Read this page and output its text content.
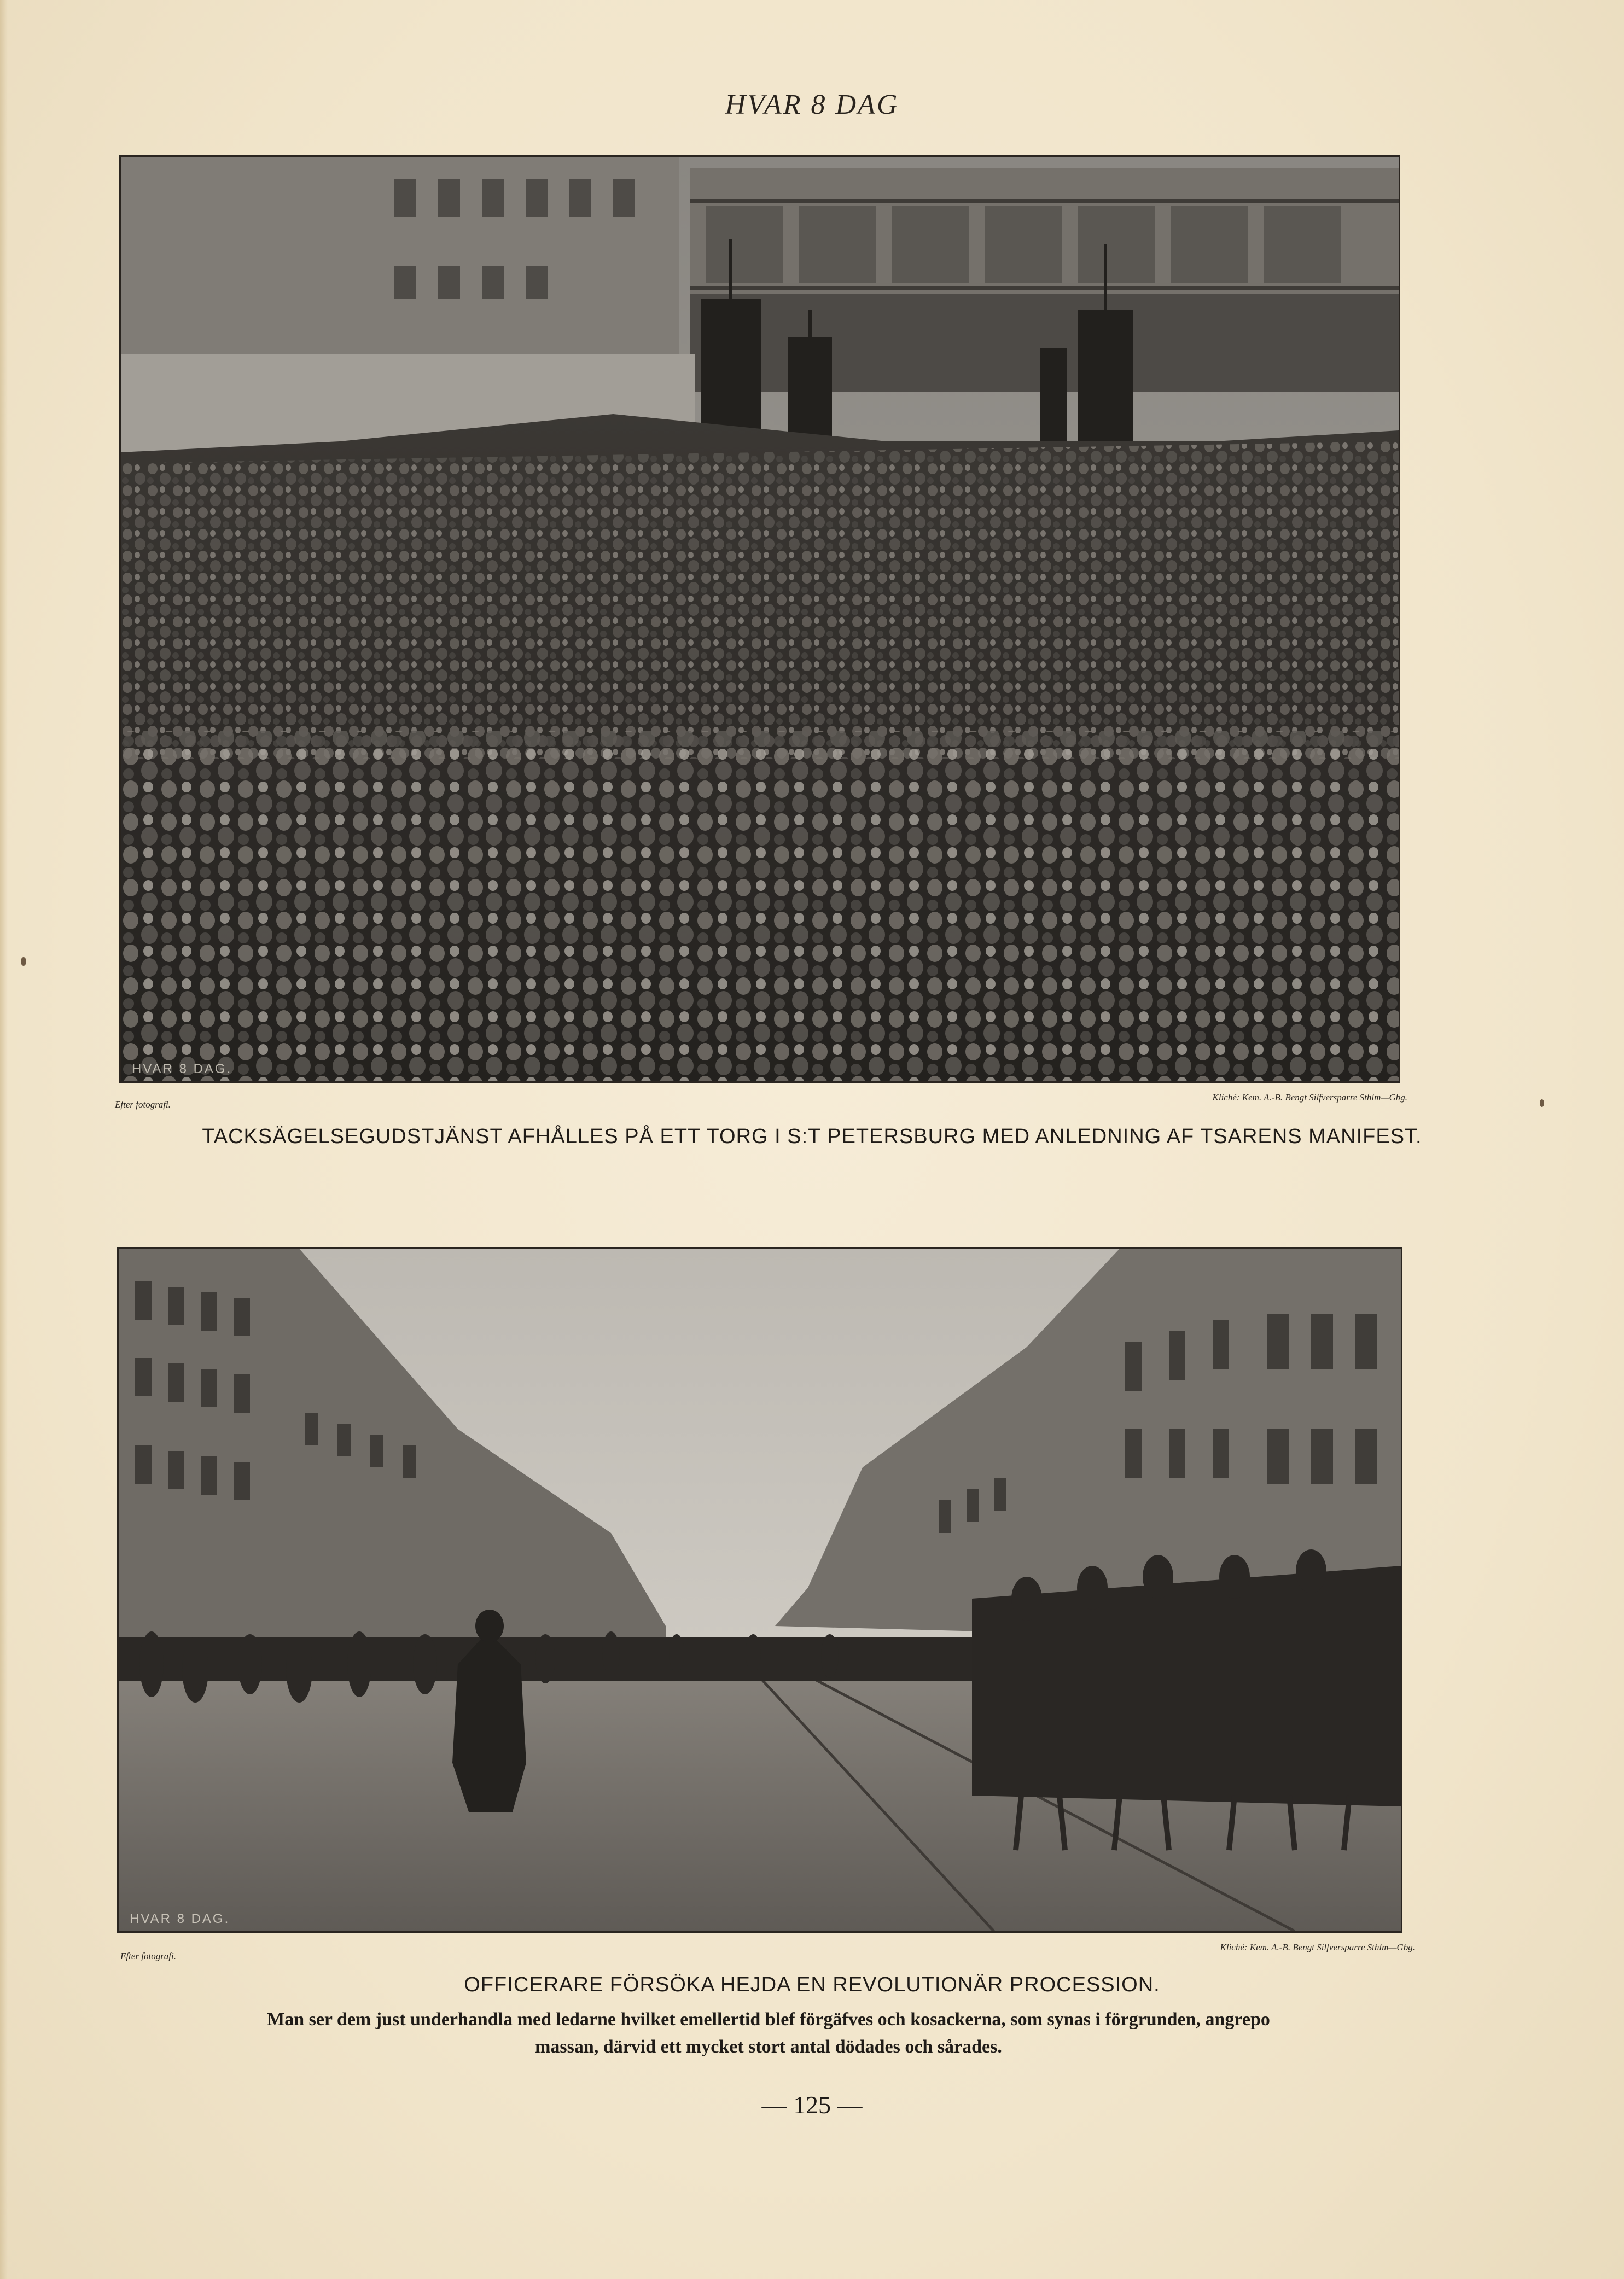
HVAR 8 DAG
HVAR 8 DAG.
Efter fotografi.
Kliché: Kem. A.-B. Bengt Silfversparre Sthlm—Gbg.
TACKSÄGELSEGUDSTJÄNST AFHÅLLES PÅ ETT TORG I S:T PETERSBURG MED ANLEDNING AF TSARENS MANIFEST.
HVAR 8 DAG.
Efter fotografi.
Kliché: Kem. A.-B. Bengt Silfversparre Sthlm—Gbg.
OFFICERARE FÖRSÖKA HEJDA EN REVOLUTIONÄR PROCESSION.
Man ser dem just underhandla med ledarne hvilket emellertid blef förgäfves och kosackerna, som synas i förgrunden, angrepo
massan, därvid ett mycket stort antal dödades och sårades.
— 125 —
